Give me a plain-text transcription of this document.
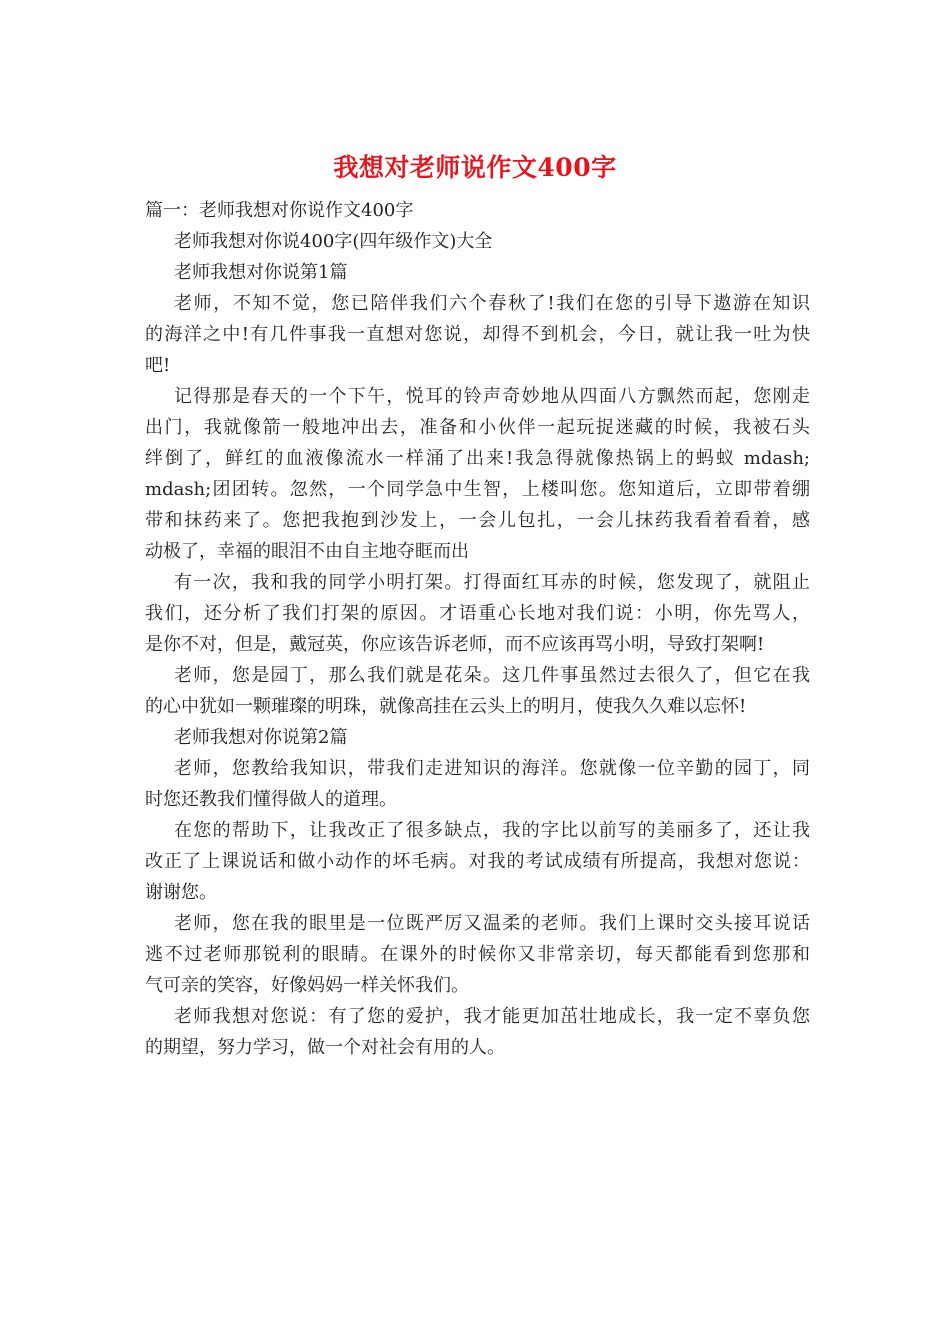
我想对老师说作文400字

篇一：老师我想对你说作文400字

老师我想对你说400字(四年级作文)大全

老师我想对你说第1篇

老师，不知不觉，您已陪伴我们六个春秋了!我们在您的引导下遨游在知识

的海洋之中!有几件事我一直想对您说，却得不到机会，今日，就让我一吐为快

吧!

记得那是春天的一个下午，悦耳的铃声奇妙地从四面八方飘然而起，您刚走

出门，我就像箭一般地冲出去，准备和小伙伴一起玩捉迷藏的时候，我被石头

绊倒了，鲜红的血液像流水一样涌了出来!我急得就像热锅上的蚂蚁 mdash;

mdash;团团转。忽然，一个同学急中生智，上楼叫您。您知道后，立即带着绷

带和抹药来了。您把我抱到沙发上，一会儿包扎，一会儿抹药我看着看着，感

动极了，幸福的眼泪不由自主地夺眶而出

有一次，我和我的同学小明打架。打得面红耳赤的时候，您发现了，就阻止

我们，还分析了我们打架的原因。才语重心长地对我们说：小明，你先骂人，

是你不对，但是，戴冠英，你应该告诉老师，而不应该再骂小明，导致打架啊!

老师，您是园丁，那么我们就是花朵。这几件事虽然过去很久了，但它在我

的心中犹如一颗璀璨的明珠，就像高挂在云头上的明月，使我久久难以忘怀!

老师我想对你说第2篇

老师，您教给我知识，带我们走进知识的海洋。您就像一位辛勤的园丁，同

时您还教我们懂得做人的道理。

在您的帮助下，让我改正了很多缺点，我的字比以前写的美丽多了，还让我

改正了上课说话和做小动作的坏毛病。对我的考试成绩有所提高，我想对您说：

谢谢您。

老师，您在我的眼里是一位既严厉又温柔的老师。我们上课时交头接耳说话

逃不过老师那锐利的眼睛。在课外的时候你又非常亲切，每天都能看到您那和

气可亲的笑容，好像妈妈一样关怀我们。

老师我想对您说：有了您的爱护，我才能更加茁壮地成长，我一定不辜负您

的期望，努力学习，做一个对社会有用的人。
